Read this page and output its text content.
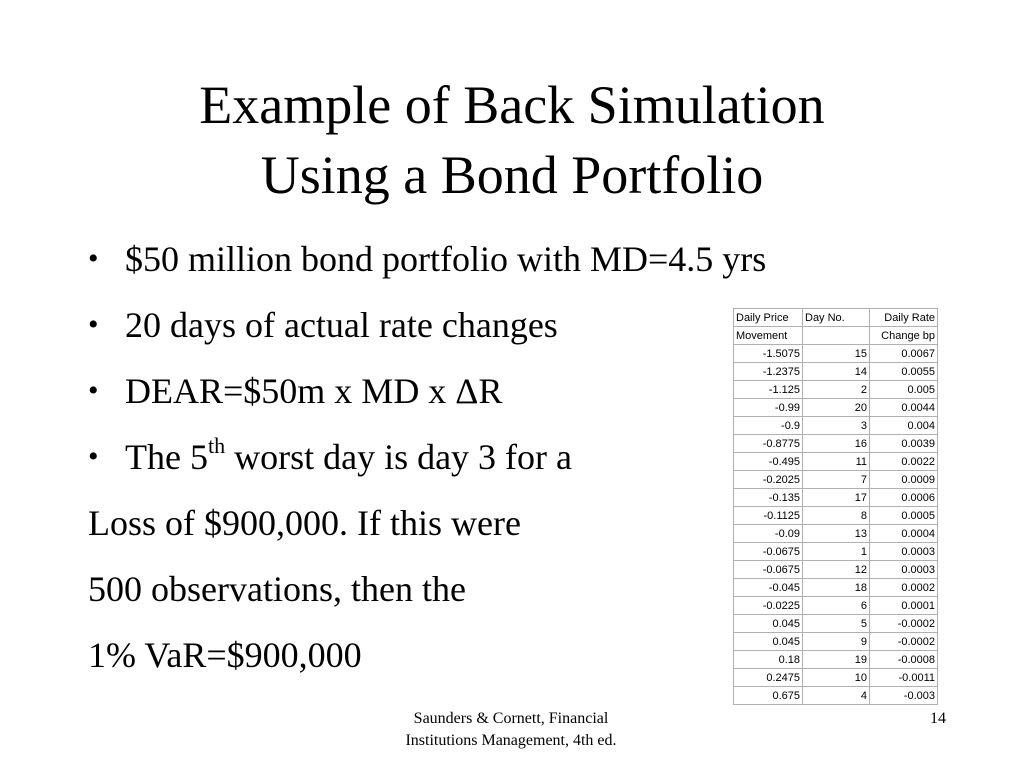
Example of Back Simulation
Using a Bond Portfolio
• $50 million bond portfolio with MD=4.5 yrs
• 20 days of actual rate changes
• DEAR=$50m x MD x ΔR
• The 5th worst day is day 3 for a
Loss of $900,000. If this were
500 observations, then the
1% VaR=$900,000
Daily Price	Day No.	Daily Rate
Movement		Change bp
-1.5075	15	0.0067
-1.2375	14	0.0055
-1.125	2	0.005
-0.99	20	0.0044
-0.9	3	0.004
-0.8775	16	0.0039
-0.495	11	0.0022
-0.2025	7	0.0009
-0.135	17	0.0006
-0.1125	8	0.0005
-0.09	13	0.0004
-0.0675	1	0.0003
-0.0675	12	0.0003
-0.045	18	0.0002
-0.0225	6	0.0001
0.045	5	-0.0002
0.045	9	-0.0002
0.18	19	-0.0008
0.2475	10	-0.0011
0.675	4	-0.003
Saunders & Cornett, Financial
Institutions Management, 4th ed.
14
